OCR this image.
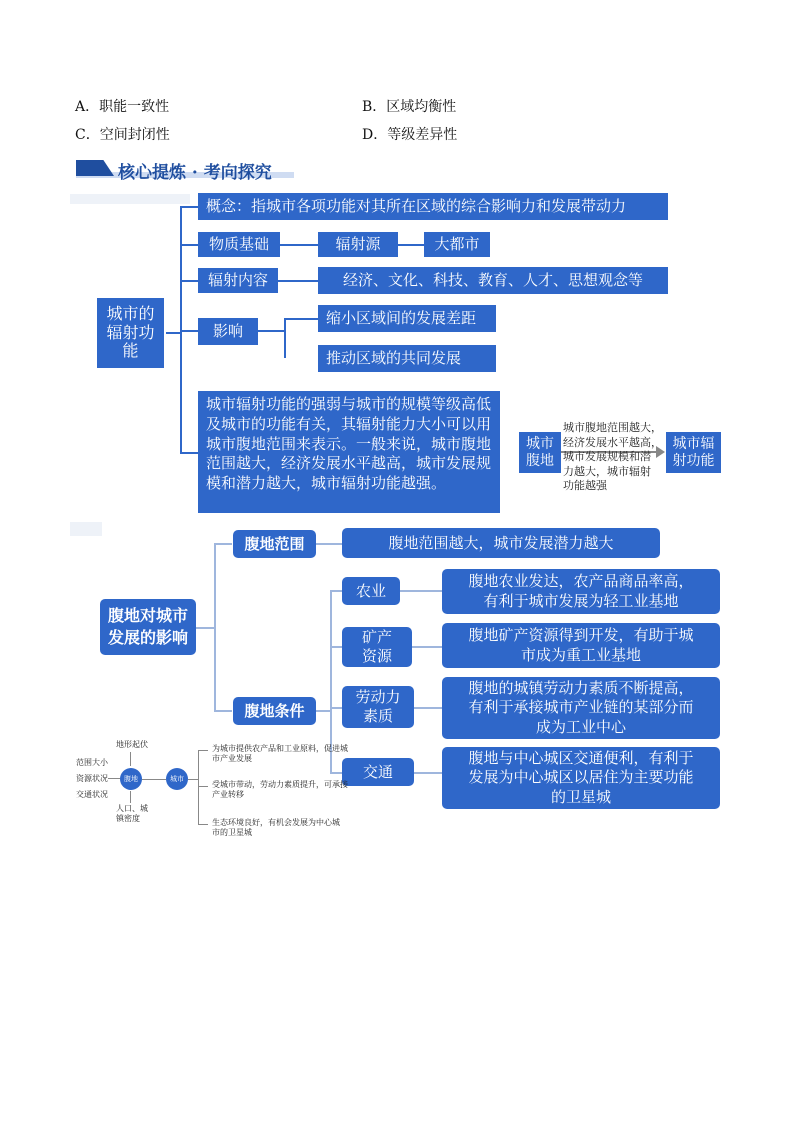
A．职能一致性	B．区域均衡性
C．空间封闭性	D．等级差异性
核心提炼 · 考向探究
城市的
辐射功
能
概念：指城市各项功能对其所在区域的综合影响力和发展带动力
物质基础	辐射源	大都市
辐射内容	经济、文化、科技、教育、人才、思想观念等
影响
缩小区域间的发展差距
推动区域的共同发展
城市辐射功能的强弱与城市的规模等级高低及城市的功能有关，其辐射能力大小可以用城市腹地范围来表示。一般来说，城市腹地范围越大，经济发展水平越高，城市发展规模和潜力越大，城市辐射功能越强。
城市
腹地
城市腹地范围越大，
经济发展水平越高，
城市发展规模和潜
力越大，城市辐射
功能越强
城市辐
射功能
腹地对城市
发展的影响
腹地范围	腹地范围越大，城市发展潜力越大
腹地条件
农业
腹地农业发达，农产品商品率高，
有利于城市发展为轻工业基地
矿产
资源
腹地矿产资源得到开发，有助于城
市成为重工业基地
劳动力
素质
腹地的城镇劳动力素质不断提高，
有利于承接城市产业链的某部分而
成为工业中心
交通
腹地与中心城区交通便利，有利于
发展为中心城区以居住为主要功能
的卫星城
地形起伏
范围大小
资源状况
交通状况
人口、城
镇密度
腹地	城市
为城市提供农产品和工业原料，促进城
市产业发展
受城市带动，劳动力素质提升，可承接
产业转移
生态环境良好，有机会发展为中心城
市的卫星城
